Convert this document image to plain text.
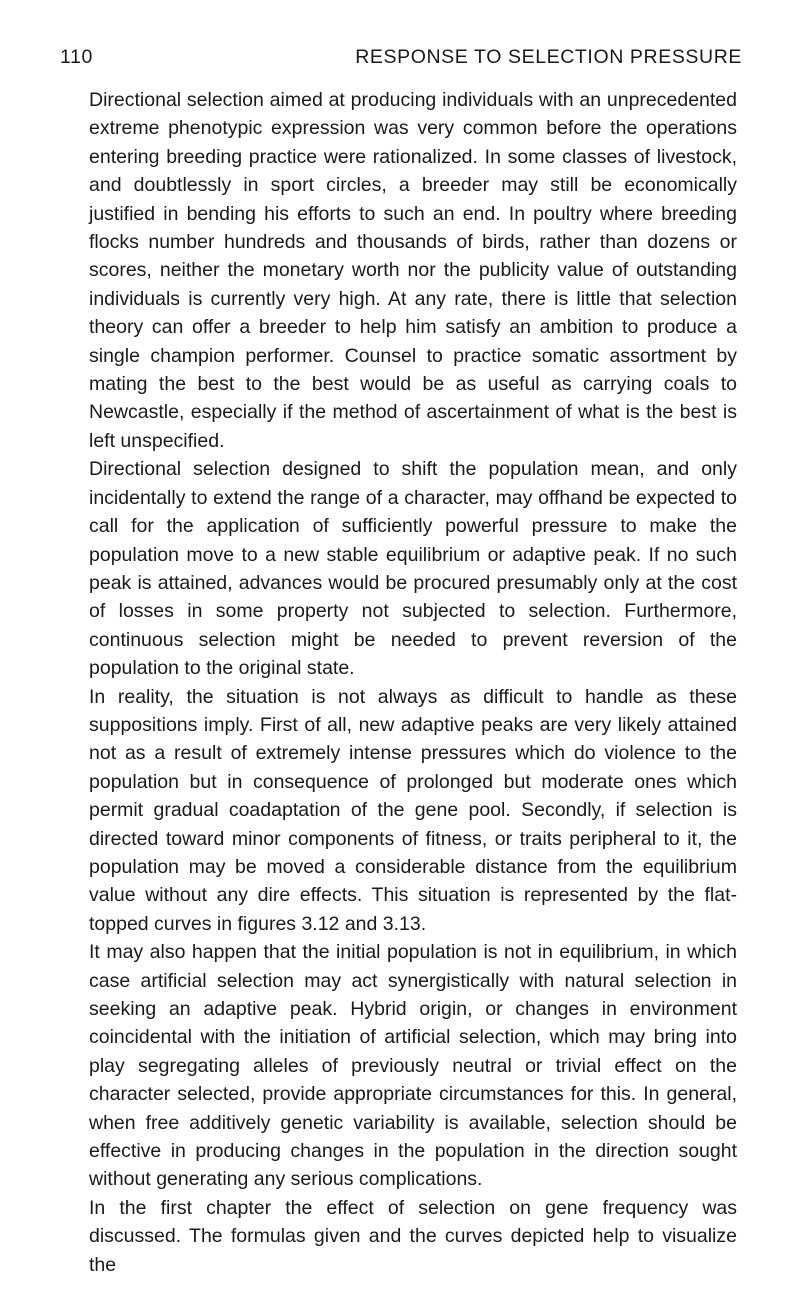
110	RESPONSE TO SELECTION PRESSURE

Directional selection aimed at producing individuals with an unprecedented extreme phenotypic expression was very common before the operations entering breeding practice were rationalized. In some classes of livestock, and doubtlessly in sport circles, a breeder may still be economically justified in bending his efforts to such an end. In poultry where breeding flocks number hundreds and thousands of birds, rather than dozens or scores, neither the monetary worth nor the publicity value of outstanding individuals is currently very high. At any rate, there is little that selection theory can offer a breeder to help him satisfy an ambition to produce a single champion performer. Counsel to practice somatic assortment by mating the best to the best would be as useful as carrying coals to Newcastle, especially if the method of ascertainment of what is the best is left unspecified.

Directional selection designed to shift the population mean, and only incidentally to extend the range of a character, may offhand be expected to call for the application of sufficiently powerful pressure to make the population move to a new stable equilibrium or adaptive peak. If no such peak is attained, advances would be procured presumably only at the cost of losses in some property not subjected to selection. Furthermore, continuous selection might be needed to prevent reversion of the population to the original state.

In reality, the situation is not always as difficult to handle as these suppositions imply. First of all, new adaptive peaks are very likely attained not as a result of extremely intense pressures which do violence to the population but in consequence of prolonged but moderate ones which permit gradual coadaptation of the gene pool. Secondly, if selection is directed toward minor components of fitness, or traits peripheral to it, the population may be moved a considerable distance from the equilibrium value without any dire effects. This situation is represented by the flat-topped curves in figures 3.12 and 3.13.

It may also happen that the initial population is not in equilibrium, in which case artificial selection may act synergistically with natural selection in seeking an adaptive peak. Hybrid origin, or changes in environment coincidental with the initiation of artificial selection, which may bring into play segregating alleles of previously neutral or trivial effect on the character selected, provide appropriate circumstances for this. In general, when free additively genetic variability is available, selection should be effective in producing changes in the population in the direction sought without generating any serious complications.

In the first chapter the effect of selection on gene frequency was discussed. The formulas given and the curves depicted help to visualize the
